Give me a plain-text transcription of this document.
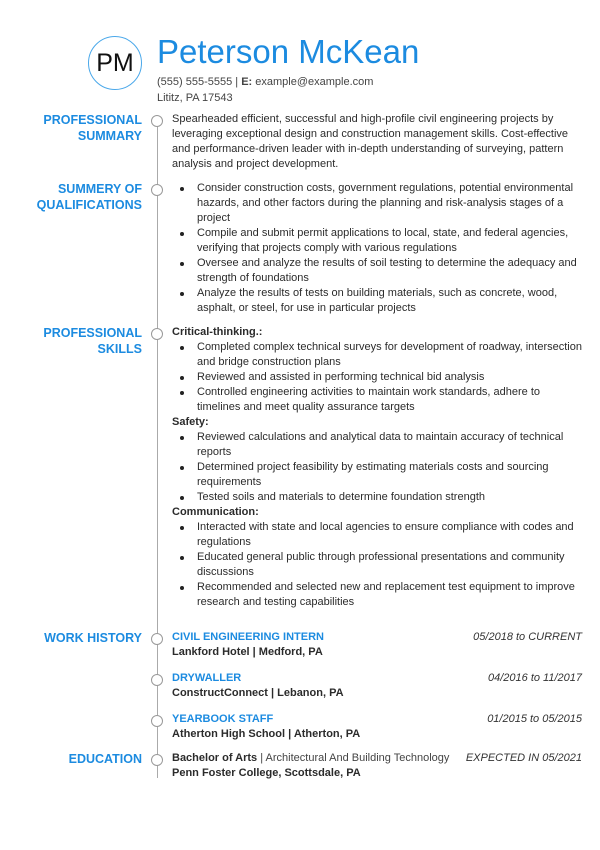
PM Peterson McKean
(555) 555-5555 | E: example@example.com
Lititz, PA 17543
PROFESSIONAL
SUMMARY
Spearheaded efficient, successful and high-profile civil engineering projects by leveraging exceptional design and construction management skills. Cost-effective and performance-driven leader with in-depth understanding of surveying, pattern analysis and project development.
SUMMERY OF
QUALIFICATIONS
Consider construction costs, government regulations, potential environmental hazards, and other factors during the planning and risk-analysis stages of a project
Compile and submit permit applications to local, state, and federal agencies, verifying that projects comply with various regulations
Oversee and analyze the results of soil testing to determine the adequacy and strength of foundations
Analyze the results of tests on building materials, such as concrete, wood, asphalt, or steel, for use in particular projects
PROFESSIONAL
SKILLS
Critical-thinking.:
Completed complex technical surveys for development of roadway, intersection and bridge construction plans
Reviewed and assisted in performing technical bid analysis
Controlled engineering activities to maintain work standards, adhere to timelines and meet quality assurance targets
Safety:
Reviewed calculations and analytical data to maintain accuracy of technical reports
Determined project feasibility by estimating materials costs and sourcing requirements
Tested soils and materials to determine foundation strength
Communication:
Interacted with state and local agencies to ensure compliance with codes and regulations
Educated general public through professional presentations and community discussions
Recommended and selected new and replacement test equipment to improve research and testing capabilities
WORK HISTORY	CIVIL ENGINEERING INTERN	05/2018 to CURRENT
Lankford Hotel | Medford, PA
DRYWALLER	04/2016 to 11/2017
ConstructConnect | Lebanon, PA
YEARBOOK STAFF	01/2015 to 05/2015
Atherton High School | Atherton, PA
EDUCATION	Bachelor of Arts | Architectural And Building Technology EXPECTED IN 05/2021
Penn Foster College, Scottsdale, PA
